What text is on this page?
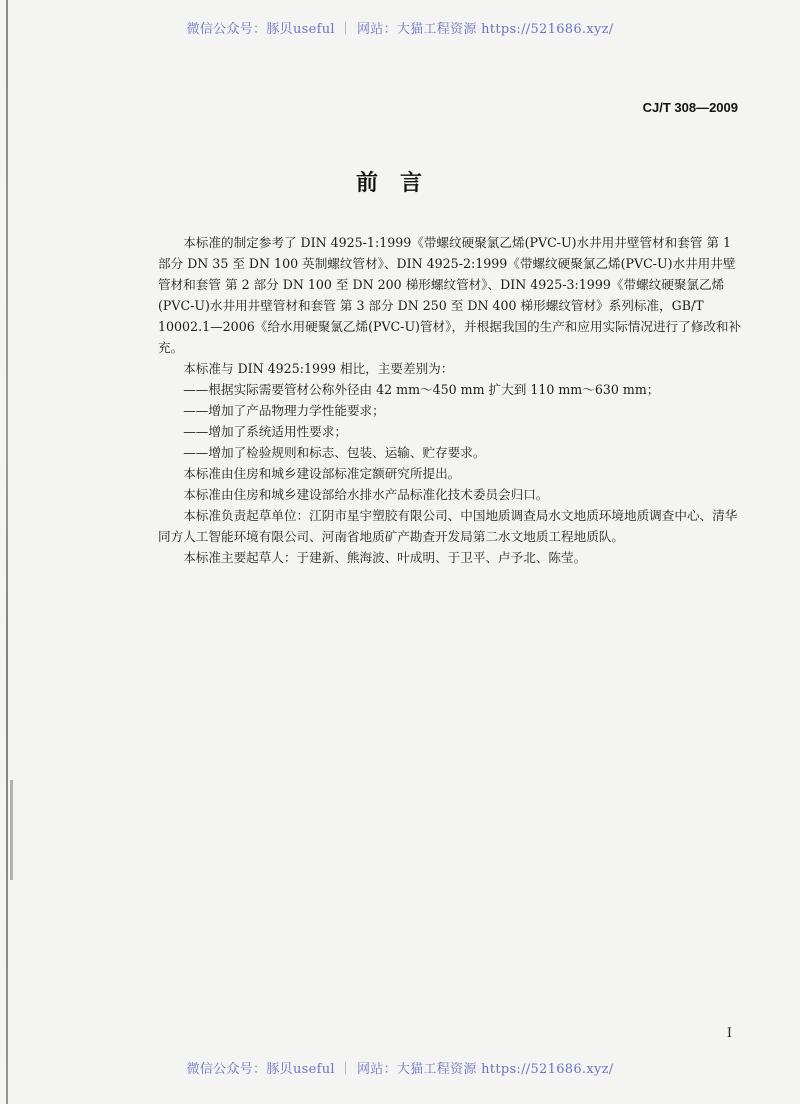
微信公众号：豚贝useful ｜ 网站：大猫工程资源 https://521686.xyz/
CJ/T 308—2009
前言

本标准的制定参考了 DIN 4925-1:1999《带螺纹硬聚氯乙烯(PVC-U)水井用井壁管材和套管 第 1 部分 DN 35 至 DN 100 英制螺纹管材》、DIN 4925-2:1999《带螺纹硬聚氯乙烯(PVC-U)水井用井壁管材和套管 第 2 部分 DN 100 至 DN 200 梯形螺纹管材》、DIN 4925-3:1999《带螺纹硬聚氯乙烯(PVC-U)水井用井壁管材和套管 第 3 部分 DN 250 至 DN 400 梯形螺纹管材》系列标准，GB/T 10002.1—2006《给水用硬聚氯乙烯(PVC-U)管材》，并根据我国的生产和应用实际情况进行了修改和补充。

本标准与 DIN 4925:1999 相比，主要差别为：

——根据实际需要管材公称外径由 42 mm～450 mm 扩大到 110 mm～630 mm；

——增加了产品物理力学性能要求；

——增加了系统适用性要求；

——增加了检验规则和标志、包装、运输、贮存要求。

本标准由住房和城乡建设部标准定额研究所提出。

本标准由住房和城乡建设部给水排水产品标准化技术委员会归口。

本标准负责起草单位：江阴市星宇塑胶有限公司、中国地质调查局水文地质环境地质调查中心、清华同方人工智能环境有限公司、河南省地质矿产勘查开发局第二水文地质工程地质队。

本标准主要起草人：于建新、熊海波、叶成明、于卫平、卢予北、陈莹。

I
微信公众号：豚贝useful ｜ 网站：大猫工程资源 https://521686.xyz/
